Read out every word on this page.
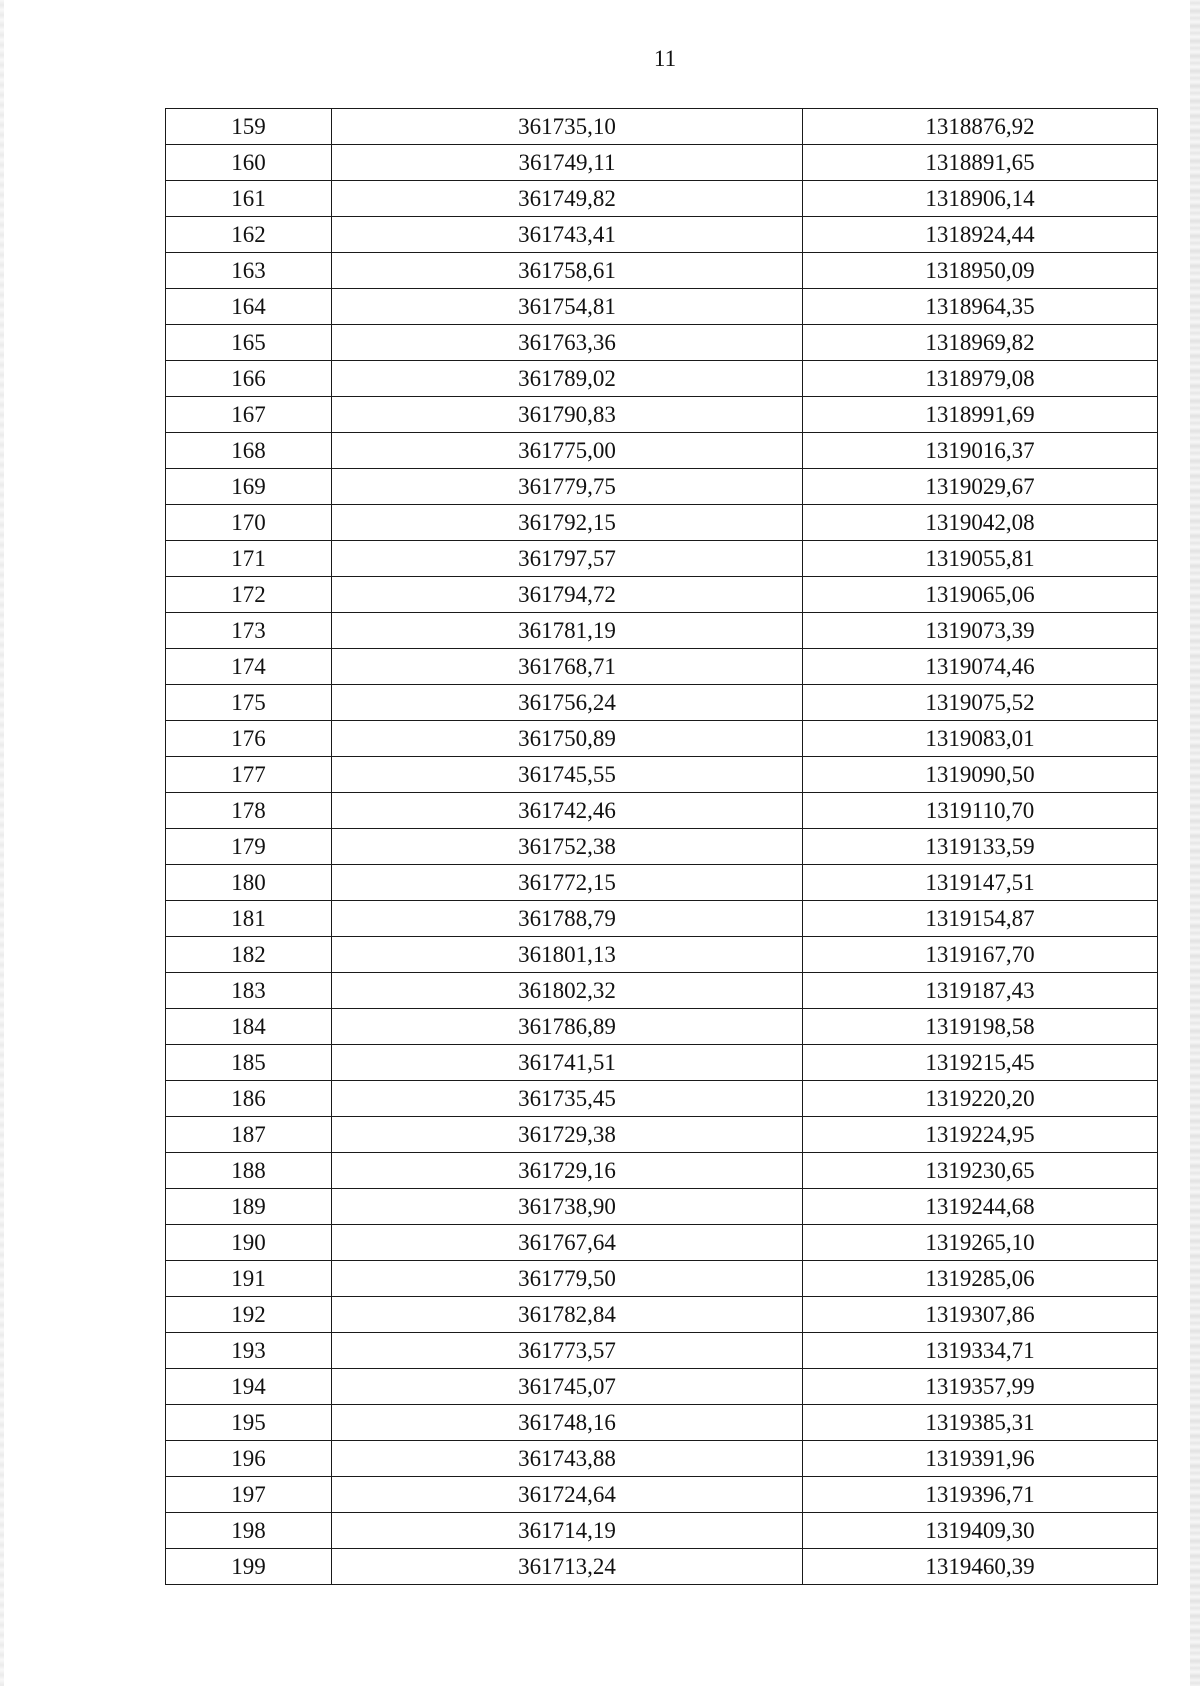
11
159	361735,10	1318876,92
160	361749,11	1318891,65
161	361749,82	1318906,14
162	361743,41	1318924,44
163	361758,61	1318950,09
164	361754,81	1318964,35
165	361763,36	1318969,82
166	361789,02	1318979,08
167	361790,83	1318991,69
168	361775,00	1319016,37
169	361779,75	1319029,67
170	361792,15	1319042,08
171	361797,57	1319055,81
172	361794,72	1319065,06
173	361781,19	1319073,39
174	361768,71	1319074,46
175	361756,24	1319075,52
176	361750,89	1319083,01
177	361745,55	1319090,50
178	361742,46	1319110,70
179	361752,38	1319133,59
180	361772,15	1319147,51
181	361788,79	1319154,87
182	361801,13	1319167,70
183	361802,32	1319187,43
184	361786,89	1319198,58
185	361741,51	1319215,45
186	361735,45	1319220,20
187	361729,38	1319224,95
188	361729,16	1319230,65
189	361738,90	1319244,68
190	361767,64	1319265,10
191	361779,50	1319285,06
192	361782,84	1319307,86
193	361773,57	1319334,71
194	361745,07	1319357,99
195	361748,16	1319385,31
196	361743,88	1319391,96
197	361724,64	1319396,71
198	361714,19	1319409,30
199	361713,24	1319460,39
